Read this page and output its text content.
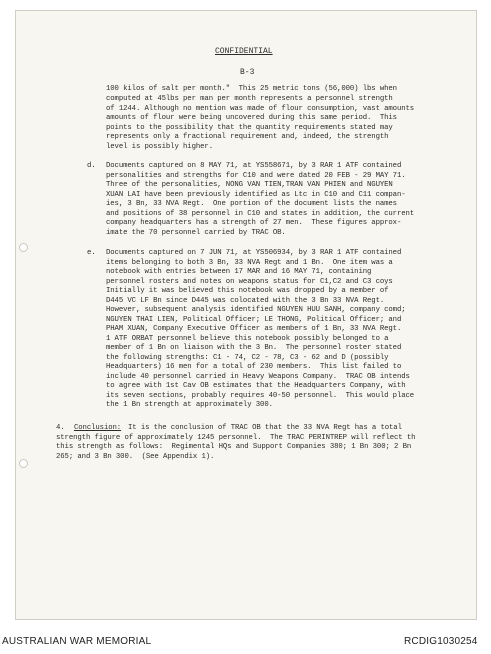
CONFIDENTIAL
B-3
100 kilos of salt per month."  This 25 metric tons (56,000) lbs when
computed at 45lbs per man per month represents a personnel strength
of 1244. Although no mention was made of flour consumption, vast amounts
amounts of flour were being uncovered during this same period.  This
points to the possibility that the quantity requirements stated may
represents only a fractional requirement and, indeed, the strength
level is possibly higher.
d. Documents captured on 8 MAY 71, at YS558671, by 3 RAR 1 ATF contained
personalities and strengths for C10 and were dated 20 FEB - 29 MAY 71.
Three of the personalities, NONG VAN TIEN,TRAN VAN PHIEN and NGUYEN
XUAN LAI have been previously identified as Ltc in C10 and C11 compan-
ies, 3 Bn, 33 NVA Regt.  One portion of the document lists the names
and positions of 38 personnel in C10 and states in addition, the current
company headquarters has a strength of 27 men.  These figures approx-
imate the 70 personnel carried by TRAC OB.
e. Documents captured on 7 JUN 71, at YS506934, by 3 RAR 1 ATF contained
items belonging to both 3 Bn, 33 NVA Regt and 1 Bn.  One item was a
notebook with entries between 17 MAR and 16 MAY 71, containing
personnel rosters and notes on weapons status for C1,C2 and C3 coys
Initially it was believed this notebook was dropped by a member of
D445 VC LF Bn since D445 was colocated with the 3 Bn 33 NVA Regt.
However, subsequent analysis identified NGUYEN HUU SANH, company comd;
NGUYEN THAI LIEN, Political Officer; LE THONG, Political Officer; and
PHAM XUAN, Company Executive Officer as members of 1 Bn, 33 NVA Regt.
1 ATF ORBAT personnel believe this notebook possibly belonged to a
member of 1 Bn on liaison with the 3 Bn.  The personnel roster stated
the following strengths: C1 - 74, C2 - 78, C3 - 62 and D (possibly
Headquarters) 16 men for a total of 230 members.  This list failed to
include 40 personnel carried in Heavy Weapons Company.  TRAC OB intends
to agree with 1st Cav OB estimates that the Headquarters Company, with
its seven sections, probably requires 40-50 personnel.  This would place
the 1 Bn strength at approximately 300.
4. Conclusion: It is the conclusion of TRAC OB that the 33 NVA Regt has a total
strength figure of approximately 1245 personnel.  The TRAC PERINTREP will reflect th
this strength as follows:  Regimental HQs and Support Companies 380; 1 Bn 300; 2 Bn
265; and 3 Bn 300.  (See Appendix 1).
AUSTRALIAN WAR MEMORIAL	RCDIG1030254
